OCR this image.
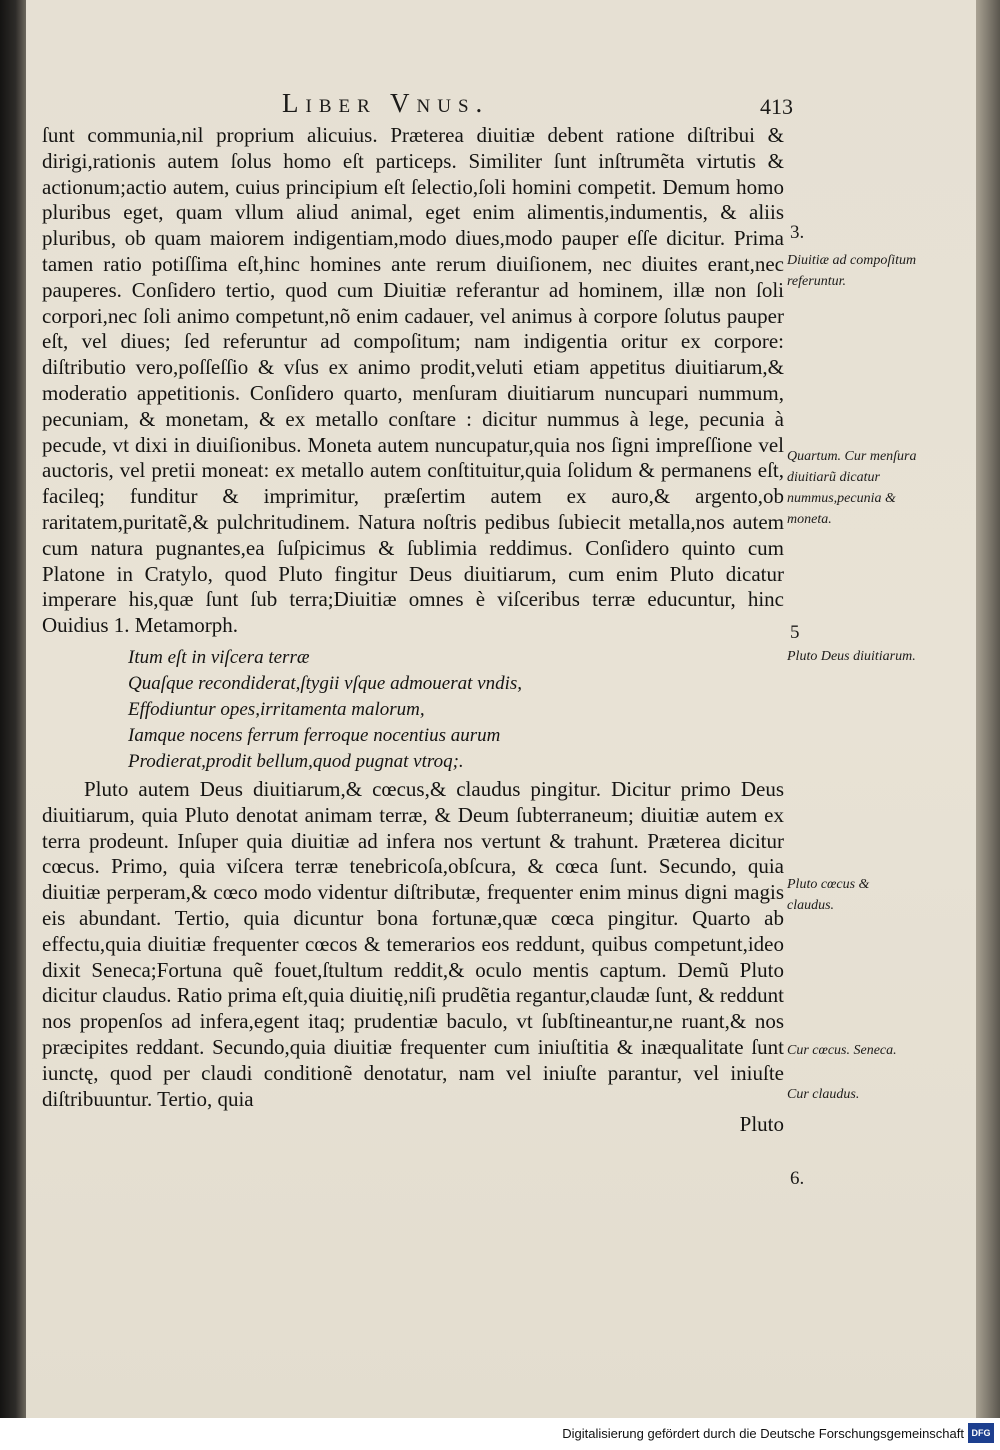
Liber Vnus.	413

ſunt communia,nil proprium alicuius. Præterea diuitiæ debent ratione diſtribui & dirigi,rationis autem ſolus homo eſt particeps. Similiter ſunt inſtrumẽta virtutis & actionum;actio autem, cuius principium eſt ſelectio,ſoli homini competit. Demum homo pluribus eget, quam vllum aliud animal, eget enim alimentis,indumentis, & aliis pluribus, ob quam maiorem indigentiam,modo diues,modo pauper eſſe dicitur. Prima tamen ratio potiſſima eſt,hinc homines ante rerum diuiſionem, nec diuites erant,nec pauperes. Conſidero tertio, quod cum Diuitiæ referantur ad hominem, illæ non ſoli corpori,nec ſoli animo competunt,nõ enim cadauer, vel animus à corpore ſolutus pauper eſt, vel diues; ſed referuntur ad compoſitum; nam indigentia oritur ex corpore: diſtributio vero,poſſeſſio & vſus ex animo prodit,veluti etiam appetitus diuitiarum,& moderatio appetitionis. Conſidero quarto, menſuram diuitiarum nuncupari nummum, pecuniam, & monetam, & ex metallo conſtare : dicitur nummus à lege, pecunia à pecude, vt dixi in diuiſionibus. Moneta autem nuncupatur,quia nos ſigni impreſſione vel auctoris, vel pretii moneat: ex metallo autem conſtituitur,quia ſolidum & permanens eſt, facileq; funditur & imprimitur, præſertim autem ex auro,& argento,ob raritatem,puritatẽ,& pulchritudinem. Natura noſtris pedibus ſubiecit metalla,nos autem cum natura pugnantes,ea ſuſpicimus & ſublimia reddimus. Conſidero quinto cum Platone in Cratylo, quod Pluto fingitur Deus diuitiarum, cum enim Pluto dicatur imperare his,quæ ſunt ſub terra;Diuitiæ omnes è viſceribus terræ educuntur, hinc Ouidius 1. Metamorph.

Itum eſt in viſcera terræ
Quaſque recondiderat,ſtygii vſque admouerat vndis,
Effodiuntur opes,irritamenta malorum,
Iamque nocens ferrum ferroque nocentius aurum
Prodierat,prodit bellum,quod pugnat vtroq;.

Pluto autem Deus diuitiarum,& cœcus,& claudus pingitur. Dicitur primo Deus diuitiarum, quia Pluto denotat animam terræ, & Deum ſubterraneum; diuitiæ autem ex terra prodeunt. Inſuper quia diuitiæ ad infera nos vertunt & trahunt. Præterea dicitur cœcus. Primo, quia viſcera terræ tenebricoſa,obſcura, & cœca ſunt. Secundo, quia diuitiæ perperam,& cœco modo videntur diſtributæ, frequenter enim minus digni magis eis abundant. Tertio, quia dicuntur bona fortunæ,quæ cœca pingitur. Quarto ab effectu,quia diuitiæ frequenter cœcos & temerarios eos reddunt, quibus competunt,ideo dixit Seneca;Fortuna quẽ fouet,ſtultum reddit,& oculo mentis captum. Demũ Pluto dicitur claudus. Ratio prima eſt,quia diuitię,niſi prudẽtia regantur,claudæ ſunt, & reddunt nos propenſos ad infera,egent itaq; prudentiæ baculo, vt ſubſtineantur,ne ruant,& nos præcipites reddant. Secundo,quia diuitiæ frequenter cum iniuſtitia & inæqualitate ſunt iunctę, quod per claudi conditionẽ denotatur, nam vel iniuſte parantur, vel iniuſte diſtribuuntur. Tertio, quia

Pluto
3.
Diuitiæ ad compoſitum referuntur.
Quartum. Cur menſura diuitiarũ dicatur nummus,pecunia & moneta.
5
Pluto Deus diuitiarum.
Pluto cœcus & claudus.
Cur cœcus. Seneca.
Cur claudus.
6.
Digitalisierung gefördert durch die Deutsche Forschungsgemeinschaft DFG
